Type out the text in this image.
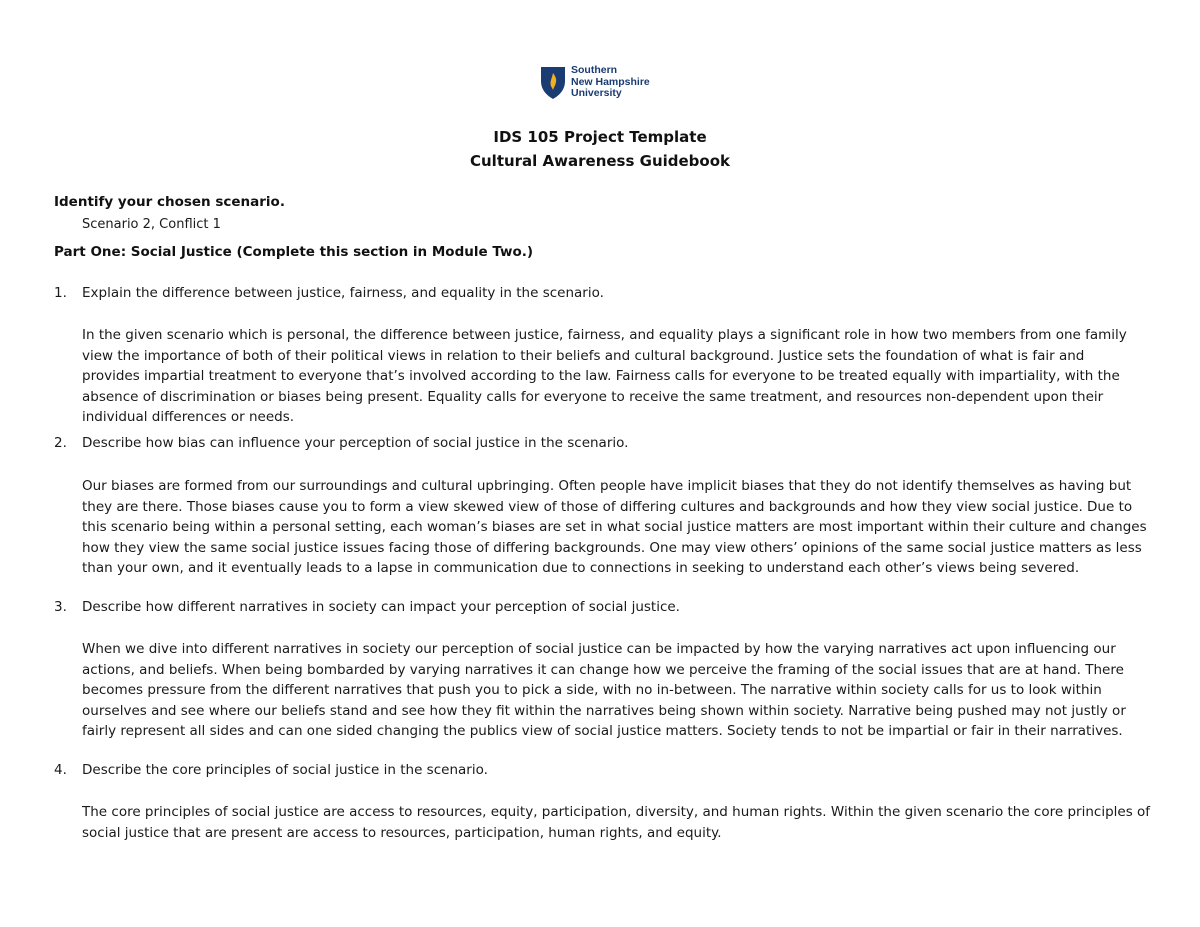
Southern
New Hampshire
University
IDS 105 Project Template
Cultural Awareness Guidebook
Identify your chosen scenario.
Scenario 2, Conflict 1
Part One: Social Justice (Complete this section in Module Two.)
1. Explain the difference between justice, fairness, and equality in the scenario.
In the given scenario which is personal, the difference between justice, fairness, and equality plays a significant role in how two members from one family
view the importance of both of their political views in relation to their beliefs and cultural background. Justice sets the foundation of what is fair and
provides impartial treatment to everyone that’s involved according to the law. Fairness calls for everyone to be treated equally with impartiality, with the
absence of discrimination or biases being present. Equality calls for everyone to receive the same treatment, and resources non-dependent upon their
individual differences or needs.
2. Describe how bias can influence your perception of social justice in the scenario.
Our biases are formed from our surroundings and cultural upbringing. Often people have implicit biases that they do not identify themselves as having but
they are there. Those biases cause you to form a view skewed view of those of differing cultures and backgrounds and how they view social justice. Due to
this scenario being within a personal setting, each woman’s biases are set in what social justice matters are most important within their culture and changes
how they view the same social justice issues facing those of differing backgrounds. One may view others’ opinions of the same social justice matters as less
than your own, and it eventually leads to a lapse in communication due to connections in seeking to understand each other’s views being severed.
3. Describe how different narratives in society can impact your perception of social justice.
When we dive into different narratives in society our perception of social justice can be impacted by how the varying narratives act upon influencing our
actions, and beliefs. When being bombarded by varying narratives it can change how we perceive the framing of the social issues that are at hand. There
becomes pressure from the different narratives that push you to pick a side, with no in-between. The narrative within society calls for us to look within
ourselves and see where our beliefs stand and see how they fit within the narratives being shown within society. Narrative being pushed may not justly or
fairly represent all sides and can one sided changing the publics view of social justice matters. Society tends to not be impartial or fair in their narratives.
4. Describe the core principles of social justice in the scenario.
The core principles of social justice are access to resources, equity, participation, diversity, and human rights. Within the given scenario the core principles of
social justice that are present are access to resources, participation, human rights, and equity.
